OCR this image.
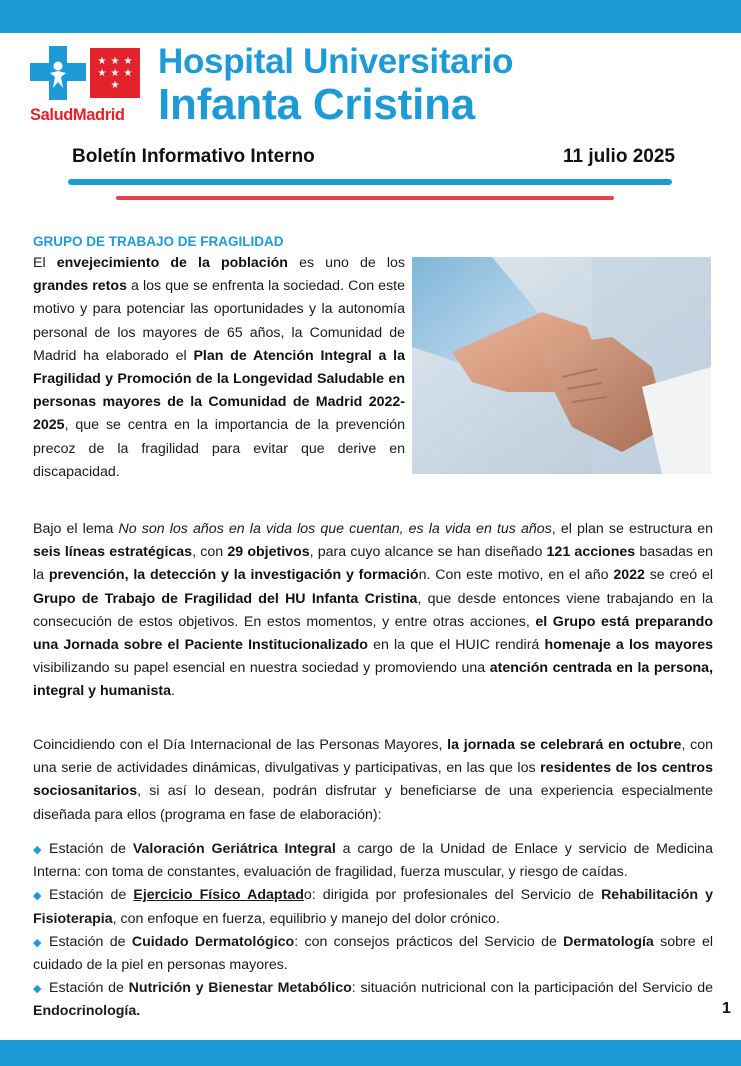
★ ★ ★
★ ★ ★
★
SaludMadrid
Hospital Universitario
Infanta Cristina
Boletín Informativo Interno	11 julio 2025
GRUPO DE TRABAJO DE FRAGILIDAD

El envejecimiento de la población es uno de los grandes retos a los que se enfrenta la sociedad. Con este motivo y para potenciar las oportunidades y la autonomía personal de los mayores de 65 años, la Comunidad de Madrid ha elaborado el Plan de Atención Integral a la Fragilidad y Promoción de la Longevidad Saludable en personas mayores de la Comunidad de Madrid 2022-2025, que se centra en la importancia de la prevención precoz de la fragilidad para evitar que derive en discapacidad.

Bajo el lema No son los años en la vida los que cuentan, es la vida en tus años, el plan se estructura en seis líneas estratégicas, con 29 objetivos, para cuyo alcance se han diseñado 121 acciones basadas en la prevención, la detección y la investigación y formación. Con este motivo, en el año 2022 se creó el Grupo de Trabajo de Fragilidad del HU Infanta Cristina, que desde entonces viene trabajando en la consecución de estos objetivos. En estos momentos, y entre otras acciones, el Grupo está preparando una Jornada sobre el Paciente Institucionalizado en la que el HUIC rendirá homenaje a los mayores visibilizando su papel esencial en nuestra sociedad y promoviendo una atención centrada en la persona, integral y humanista.

Coincidiendo con el Día Internacional de las Personas Mayores, la jornada se celebrará en octubre, con una serie de actividades dinámicas, divulgativas y participativas, en las que los residentes de los centros sociosanitarios, si así lo desean, podrán disfrutar y beneficiarse de una experiencia especialmente diseñada para ellos (programa en fase de elaboración):

◆ Estación de Valoración Geriátrica Integral a cargo de la Unidad de Enlace y servicio de Medicina Interna: con toma de constantes, evaluación de fragilidad, fuerza muscular, y riesgo de caídas.
◆ Estación de Ejercicio Físico Adaptado: dirigida por profesionales del Servicio de Rehabilitación y Fisioterapia, con enfoque en fuerza, equilibrio y manejo del dolor crónico.
◆ Estación de Cuidado Dermatológico: con consejos prácticos del Servicio de Dermatología sobre el cuidado de la piel en personas mayores.
◆ Estación de Nutrición y Bienestar Metabólico: situación nutricional con la participación del Servicio de Endocrinología.	1
